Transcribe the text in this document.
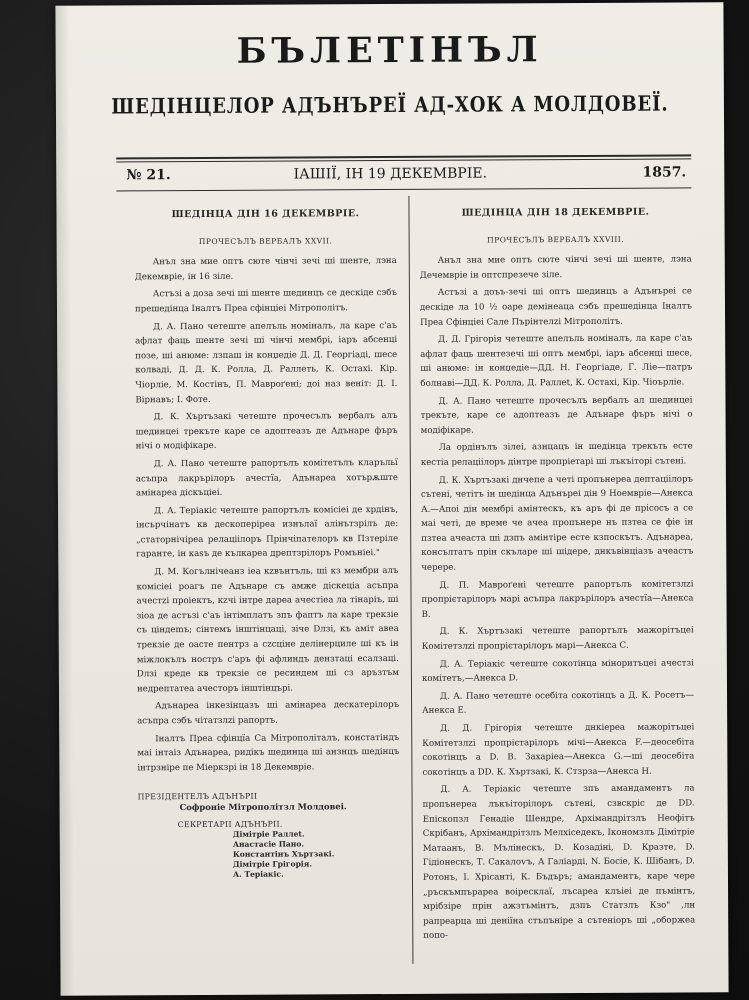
БЪЛЕТІНЪЛ
ШЕДІНЦЕЛОР АДЪНЪРЕЇ АД-ХОК А МОЛДОВЕЇ.
№ 21.	ІАШІЇ, ІН 19 ДЕКЕМВРІЕ.	1857.
ШЕДІНЦА ДІН 16 ДЕКЕМВРІЕ.
ПРОЧЕСЪЛЪ ВЕРБАЛЪ XXVII.

Анъл зна мие оптъ сюте чінчі зечі ші шенте, лэна Декемвріе, ін 16 зіле.

Астъзі а доза зечі ші шенте шединцъ се дескіде сэбъ прешедінца Іналтъ Преа сфінціеі Мітрополітъ.

Д. А. Пано четеште апелъль номіналъ, ла каре с'аъ афлат фаць шенте зечі ші чінчі мембрі, іаръ абсенці позе, ші анюме: лзпаш ін конџедіе Д. Д. Георгіаді, шесе колваді, Д. Д. К. Ролла, Д. Раллеть, К. Остаxі. Кір. Чіорліe, М. Костінъ, П. Мавроґені; доі наз веніт: Д. І. Вірнавъ; І. Фоте.

Д. К. Хъртъзакі четеште прочесълъ вербалъ алъ шединцеі трекъте каре се адоптеазъ де Адънаре фъръ нічі о модіфікаре.

Д. А. Пано четеште рапортълъ комітетълъ кларъльї асъпра лакрърілоръ ачестїа, Адънарea хотърѫште амінарea діскъціеі.

Д. А. Теріакіс четеште рапортълъ комісіеі де хрдінъ, інсърчінатъ кв дескоперіреа изнълаї алінътзрiлъ де: „статорнічіреа релаціілоръ Прінчіпателоръ кв Пзтеріле гаранте, ін каѕъ де кълкареа дрептзрілоръ Ромъніеі."

Д. М. Когълнічеанз іеа кzвънтъль, ші кз мембри алъ комісіеі роагъ пе Адънаре съ амже діскеціа асъпра ачестzі проiектъ, кzчі інтре дареа ачестіеа ла тінаріъ, ші зіоа де астъзі с'аъ інтімплатъ зпъ фаптъ ла каре трекзіе съ ціндemъ; сінтемъ інштінцаці, зіче Dлзі, къ аміт авеа трекзіе де оасте пентрз а сzсціне делінерциле ші къ ін міжлокълъ ностръ с'аръ фі афлиндъ дензтаці есалзаці. Dлзі креде кв трекзіе се ресиндем ші сз аръзтъм недрептатеа ачесторъ інштінцърі.

Адънареа інкезінцазъ ші амінарea дескатерілоръ асъпра сэбъ чітатзлzі рапортъ.

Іналтъ Преа сфінцїа Са Мітрополіталъ, констатіндъ маі інтаіз Адънареа, ридікъ шединца ші анзнцъ шедінцъ інтрзніре пе Міеркзрі ін 18 Декемвріе.

ПРЕЗІДЕНТЕЛЪ АДЪНЪРІІ
Софроніe Мітрополітзл Молдовеі.
СЕКРЕТАРІІ АДЪНЪРІІ.
Дімітріе Раллеt.
Анастасіe Пано.
Константінъ Хъртзакi.
Дімітріe Грігорія.
А. Теріакіс.
ШЕДІНЦА ДІН 18 ДЕКЕМВРІЕ.
ПРОЧЕСЪЛЪ ВЕРБАЛЪ XXVIII.

Анъл зна мие оптъ сюте чінчі зечі ші шенте, лэна Дечемвріе ін оптспрезече зіле.

Астъзі а доъъ-зечі ші оптъ шединцъ а Адънъреі се дескіде ла 10 ½ оаре демінеаца сэбъ прешедінца Іналтъ Преа Сфінціеі Сале Пърінтелzі Мітрополітъ.

Д. Д. Грігорія четеште апелъль номіналъ, ла каре с'аъ афлат фаць шентезечі ші оптъ мембрі, іаръ абсенці шесе, ші анюме: ін конџедіе—ДД. Н. Георгіаде, Г. Ліе—патръ болнаві—ДД. К. Ролла, Д. Раллеt, К. Остаxі, Кір. Чіоърліe.

Д. А. Пано четеште прочесълъ вербалъ ал шединцеі трекъте, каре се адоптеазъ де Адънаре фъръ нічі о модіфікаре.

Ла ордінълъ зілеі, азнцацъ ін шедінцa трекъть есте кестіа релаціілоръ дінтре пропріетарі ші лъкъіторі сътені.

Д. К. Хъртъзакі днчепе а чeті пропънереа дептаціілоръ сътені, четітъ ін шедінца Адънъреі дін 9 Ноемвріе—Анекса А.—Апоі дін мембрі амінтескъ, къ аръ фі де прісосъ а се маі чeті, де времe че ачеа пропънере нъ пзтеа се фіе ін пзтеа ачеастa ші дзпъ амінтіре есте кзпоскътъ. Адънарeа, консълтатъ прін скъларе ші шідере, днкъвінціазъ ачеастъ черере.

Д. П. Мавроґені четеште рапортълъ комітетзлzі пропрієтарілоръ марі асъпра лакрърілоръ ачестїа—Анекса В.

Д. К. Хъртъзакі четеште рапортълъ мажорітъцеі Комітетзлzі пропрієтарілоръ марі—Анекса С.

Д. А. Теріакіс четеште сокотінца міноритъцеі ачестзі комітетъ,—Анекса D.

Д. А. Пано четеште осебіта сокотінцъ а Д. К. Росетъ—Анекса Е.

Д. Д. Грігорія четеште днкіереа мажорітъцеі Комітетзлzі пропрієтарілоръ мічі—Анекса F.—деосебіта сокотінцъ а D. В. Захаріеа—Анекса G.—ші деосебіта сокотінцъ а DD. К. Хъртзакі, К. Стзрза—Анекса Н.

Д. А. Теріакіс четеште зпъ амандаментъ ла пропънереа лъкъіторілоръ сътені, сзвскріс де DD. Епіскопзл Генадіе Шендре, Архімандрітзлъ Неофітъ Скрібанъ, Архімандрітзлъ Мелхіседекъ, Ікономзлъ Дімітріе Матаанъ, В. Мълінескъ, D. Козадіні, D. Кразте, D. Гідіонескъ, Т. Сакалоѵъ, А Галіарді, N. Босіе, К. Шібанъ, D. Ротонъ, І. Хрісанті, К. Бъдъръ; амандаментъ, каре чере „ръскъмпърареа воіресклаї, лъсареа клъіеі де пъмінтъ, мрібзіре прін ажзтъмінтъ, дзпъ Статзлъ Кзо" ,лн рапреарца ші деніїна стъпъніре а сътеніоръ ші „оборжea попо-
